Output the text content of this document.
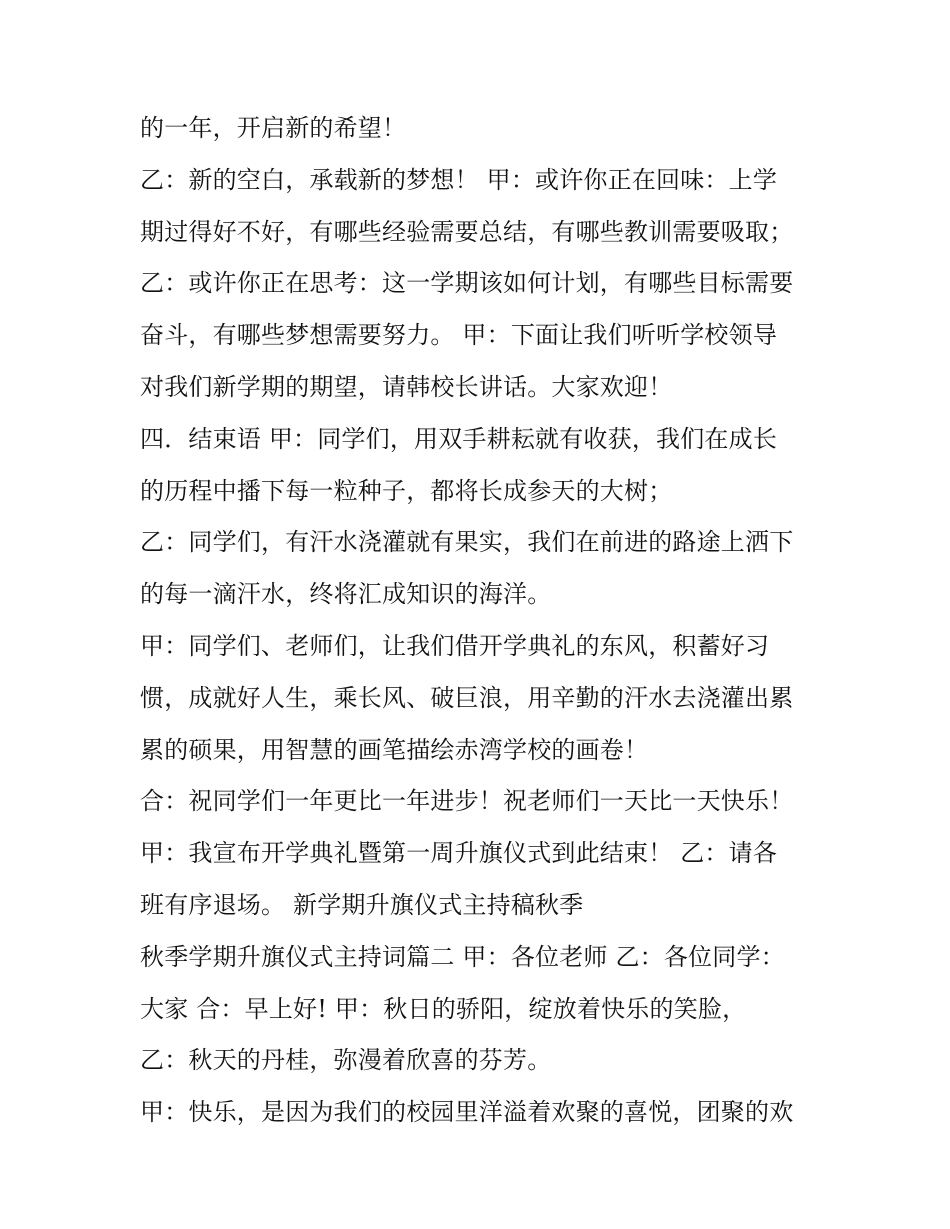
的一年，开启新的希望！
乙：新的空白，承载新的梦想！ 甲：或许你正在回味：上学
期过得好不好，有哪些经验需要总结，有哪些教训需要吸取；
乙：或许你正在思考：这一学期该如何计划，有哪些目标需要
奋斗，有哪些梦想需要努力。 甲：下面让我们听听学校领导
对我们新学期的期望，请韩校长讲话。大家欢迎！
四．结束语 甲：同学们，用双手耕耘就有收获，我们在成长
的历程中播下每一粒种子，都将长成参天的大树；
乙：同学们，有汗水浇灌就有果实，我们在前进的路途上洒下
的每一滴汗水，终将汇成知识的海洋。
甲：同学们、老师们，让我们借开学典礼的东风，积蓄好习
惯，成就好人生，乘长风、破巨浪，用辛勤的汗水去浇灌出累
累的硕果，用智慧的画笔描绘赤湾学校的画卷！
合：祝同学们一年更比一年进步！祝老师们一天比一天快乐！
甲：我宣布开学典礼暨第一周升旗仪式到此结束！ 乙：请各
班有序退场。 新学期升旗仪式主持稿秋季
秋季学期升旗仪式主持词篇二 甲：各位老师 乙：各位同学：
大家 合：早上好! 甲：秋日的骄阳，绽放着快乐的笑脸，
乙：秋天的丹桂，弥漫着欣喜的芬芳。
甲：快乐，是因为我们的校园里洋溢着欢聚的喜悦，团聚的欢
